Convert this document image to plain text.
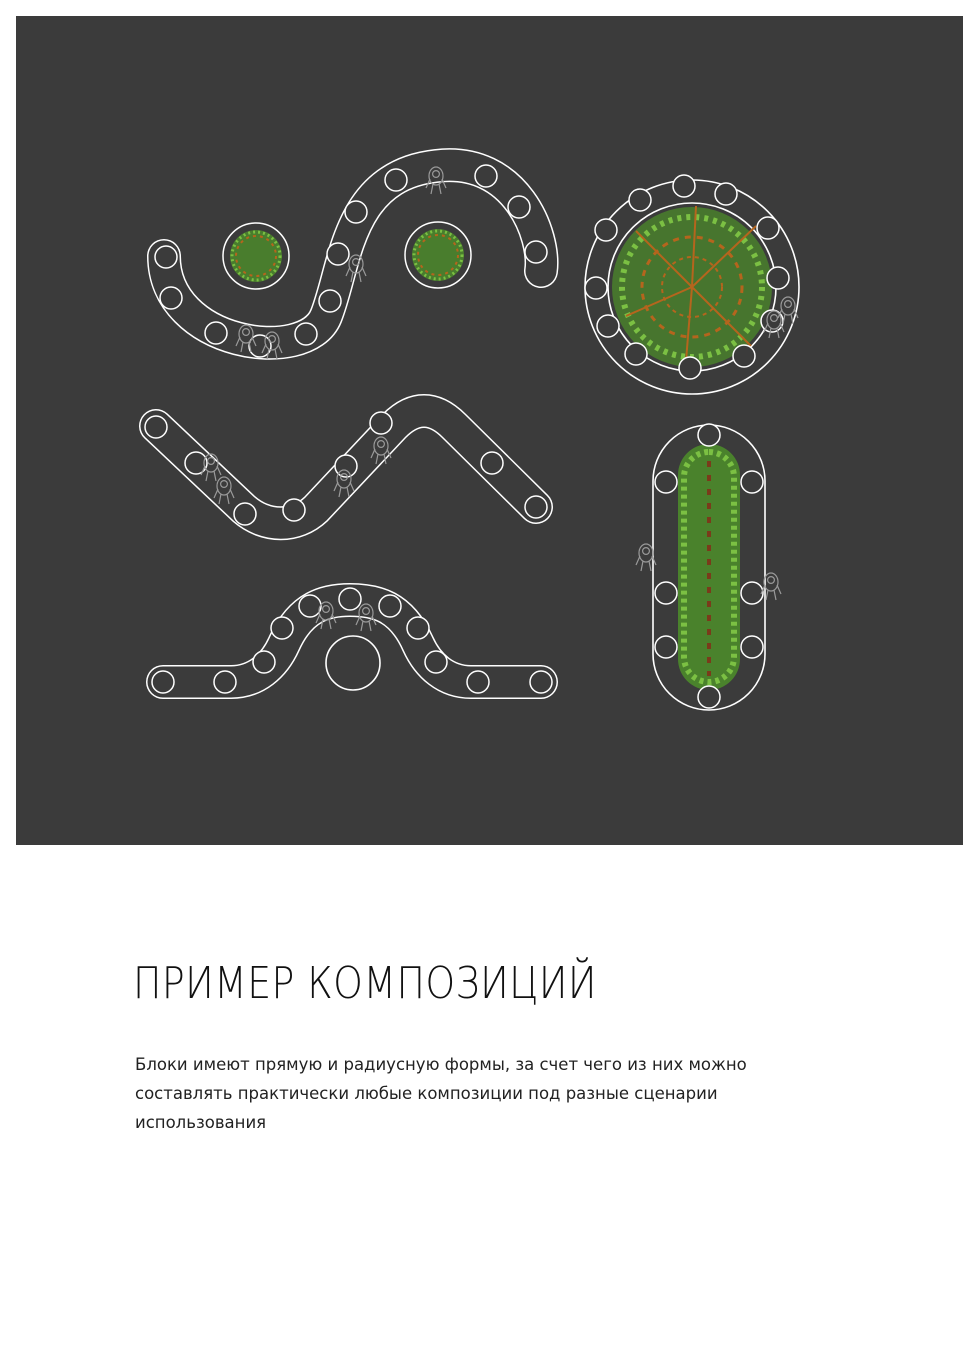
ПРИМЕР КОМПОЗИЦИЙ
Блоки имеют прямую и радиусную формы, за счет чего из них можно
составлять практически любые композиции под разные сценарии
использования
